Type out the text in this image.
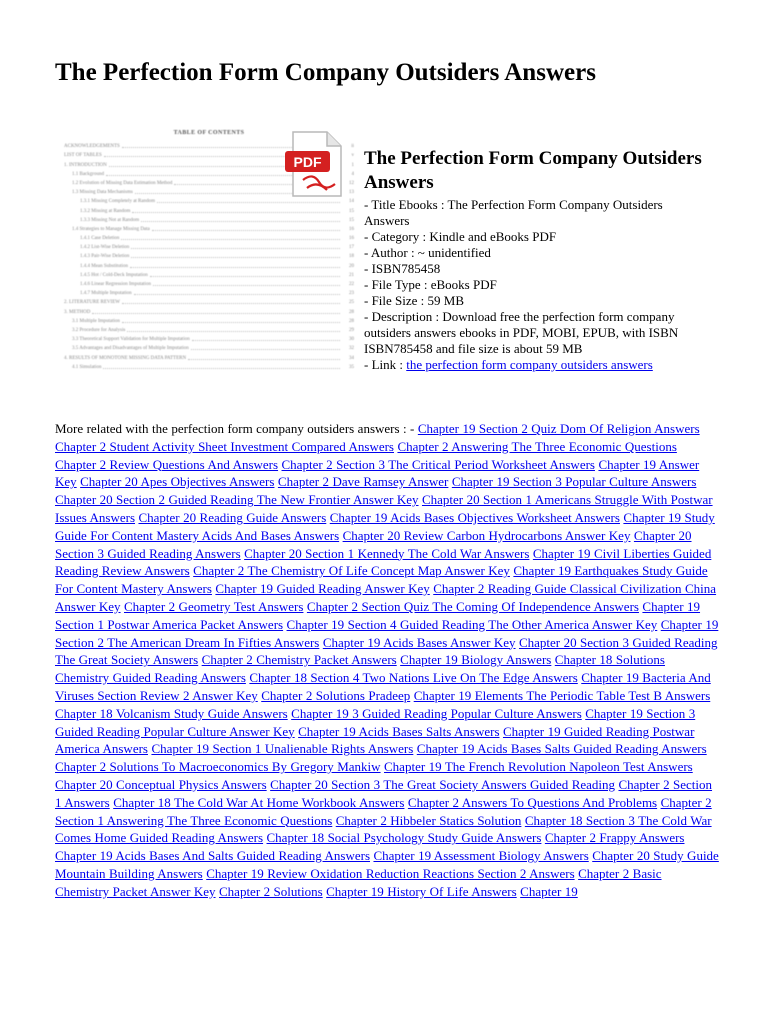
The Perfection Form Company Outsiders Answers
TABLE OF CONTENTS
ACKNOWLEDGEMENTS	ii
LIST OF TABLES	v
1. INTRODUCTION	1
1.1 Background	4
1.2 Evolution of Missing Data Estimation Method	12
1.3 Missing Data Mechanisms	13
1.3.1 Missing Completely at Random	14
1.3.2 Missing at Random	15
1.3.3 Missing Not at Random	15
1.4 Strategies to Manage Missing Data	16
1.4.1 Case Deletion	16
1.4.2 List-Wise Deletion	17
1.4.3 Pair-Wise Deletion	18
1.4.4 Mean Substitution	20
1.4.5 Hot / Cold-Deck Imputation	21
1.4.6 Linear Regression Imputation	22
1.4.7 Multiple Imputation	23
2. LITERATURE REVIEW	25
3. METHOD	28
3.1 Multiple Imputation	28
3.2 Procedure for Analysis	29
3.3 Theoretical Support Validation for Multiple Imputation	30
3.5 Advantages and Disadvantages of Multiple Imputation	32
4. RESULTS OF MONOTONE MISSING DATA PATTERN	34
4.1 Simulation	35
PDF The Perfection Form Company Outsiders Answers
- Title Ebooks : The Perfection Form Company Outsiders Answers
- Category : Kindle and eBooks PDF
- Author : ~ unidentified
- ISBN785458
- File Type : eBooks PDF
- File Size : 59 MB
- Description : Download free the perfection form company outsiders answers ebooks in PDF, MOBI, EPUB, with ISBN ISBN785458 and file size is about 59 MB
- Link : the perfection form company outsiders answers
More related with the perfection form company outsiders answers : - Chapter 19 Section 2 Quiz Dom Of Religion Answers Chapter 2 Student Activity Sheet Investment Compared Answers Chapter 2 Answering The Three Economic Questions Chapter 2 Review Questions And Answers Chapter 2 Section 3 The Critical Period Worksheet Answers Chapter 19 Answer Key Chapter 20 Apes Objectives Answers Chapter 2 Dave Ramsey Answer Chapter 19 Section 3 Popular Culture Answers Chapter 20 Section 2 Guided Reading The New Frontier Answer Key Chapter 20 Section 1 Americans Struggle With Postwar Issues Answers Chapter 20 Reading Guide Answers Chapter 19 Acids Bases Objectives Worksheet Answers Chapter 19 Study Guide For Content Mastery Acids And Bases Answers Chapter 20 Review Carbon Hydrocarbons Answer Key Chapter 20 Section 3 Guided Reading Answers Chapter 20 Section 1 Kennedy The Cold War Answers Chapter 19 Civil Liberties Guided Reading Review Answers Chapter 2 The Chemistry Of Life Concept Map Answer Key Chapter 19 Earthquakes Study Guide For Content Mastery Answers Chapter 19 Guided Reading Answer Key Chapter 2 Reading Guide Classical Civilization China Answer Key Chapter 2 Geometry Test Answers Chapter 2 Section Quiz The Coming Of Independence Answers Chapter 19 Section 1 Postwar America Packet Answers Chapter 19 Section 4 Guided Reading The Other America Answer Key Chapter 19 Section 2 The American Dream In Fifties Answers Chapter 19 Acids Bases Answer Key Chapter 20 Section 3 Guided Reading The Great Society Answers Chapter 2 Chemistry Packet Answers Chapter 19 Biology Answers Chapter 18 Solutions Chemistry Guided Reading Answers Chapter 18 Section 4 Two Nations Live On The Edge Answers Chapter 19 Bacteria And Viruses Section Review 2 Answer Key Chapter 2 Solutions Pradeep Chapter 19 Elements The Periodic Table Test B Answers Chapter 18 Volcanism Study Guide Answers Chapter 19 3 Guided Reading Popular Culture Answers Chapter 19 Section 3 Guided Reading Popular Culture Answer Key Chapter 19 Acids Bases Salts Answers Chapter 19 Guided Reading Postwar America Answers Chapter 19 Section 1 Unalienable Rights Answers Chapter 19 Acids Bases Salts Guided Reading Answers Chapter 2 Solutions To Macroeconomics By Gregory Mankiw Chapter 19 The French Revolution Napoleon Test Answers Chapter 20 Conceptual Physics Answers Chapter 20 Section 3 The Great Society Answers Guided Reading Chapter 2 Section 1 Answers Chapter 18 The Cold War At Home Workbook Answers Chapter 2 Answers To Questions And Problems Chapter 2 Section 1 Answering The Three Economic Questions Chapter 2 Hibbeler Statics Solution Chapter 18 Section 3 The Cold War Comes Home Guided Reading Answers Chapter 18 Social Psychology Study Guide Answers Chapter 2 Frappy Answers Chapter 19 Acids Bases And Salts Guided Reading Answers Chapter 19 Assessment Biology Answers Chapter 20 Study Guide Mountain Building Answers Chapter 19 Review Oxidation Reduction Reactions Section 2 Answers Chapter 2 Basic Chemistry Packet Answer Key Chapter 2 Solutions Chapter 19 History Of Life Answers Chapter 19
